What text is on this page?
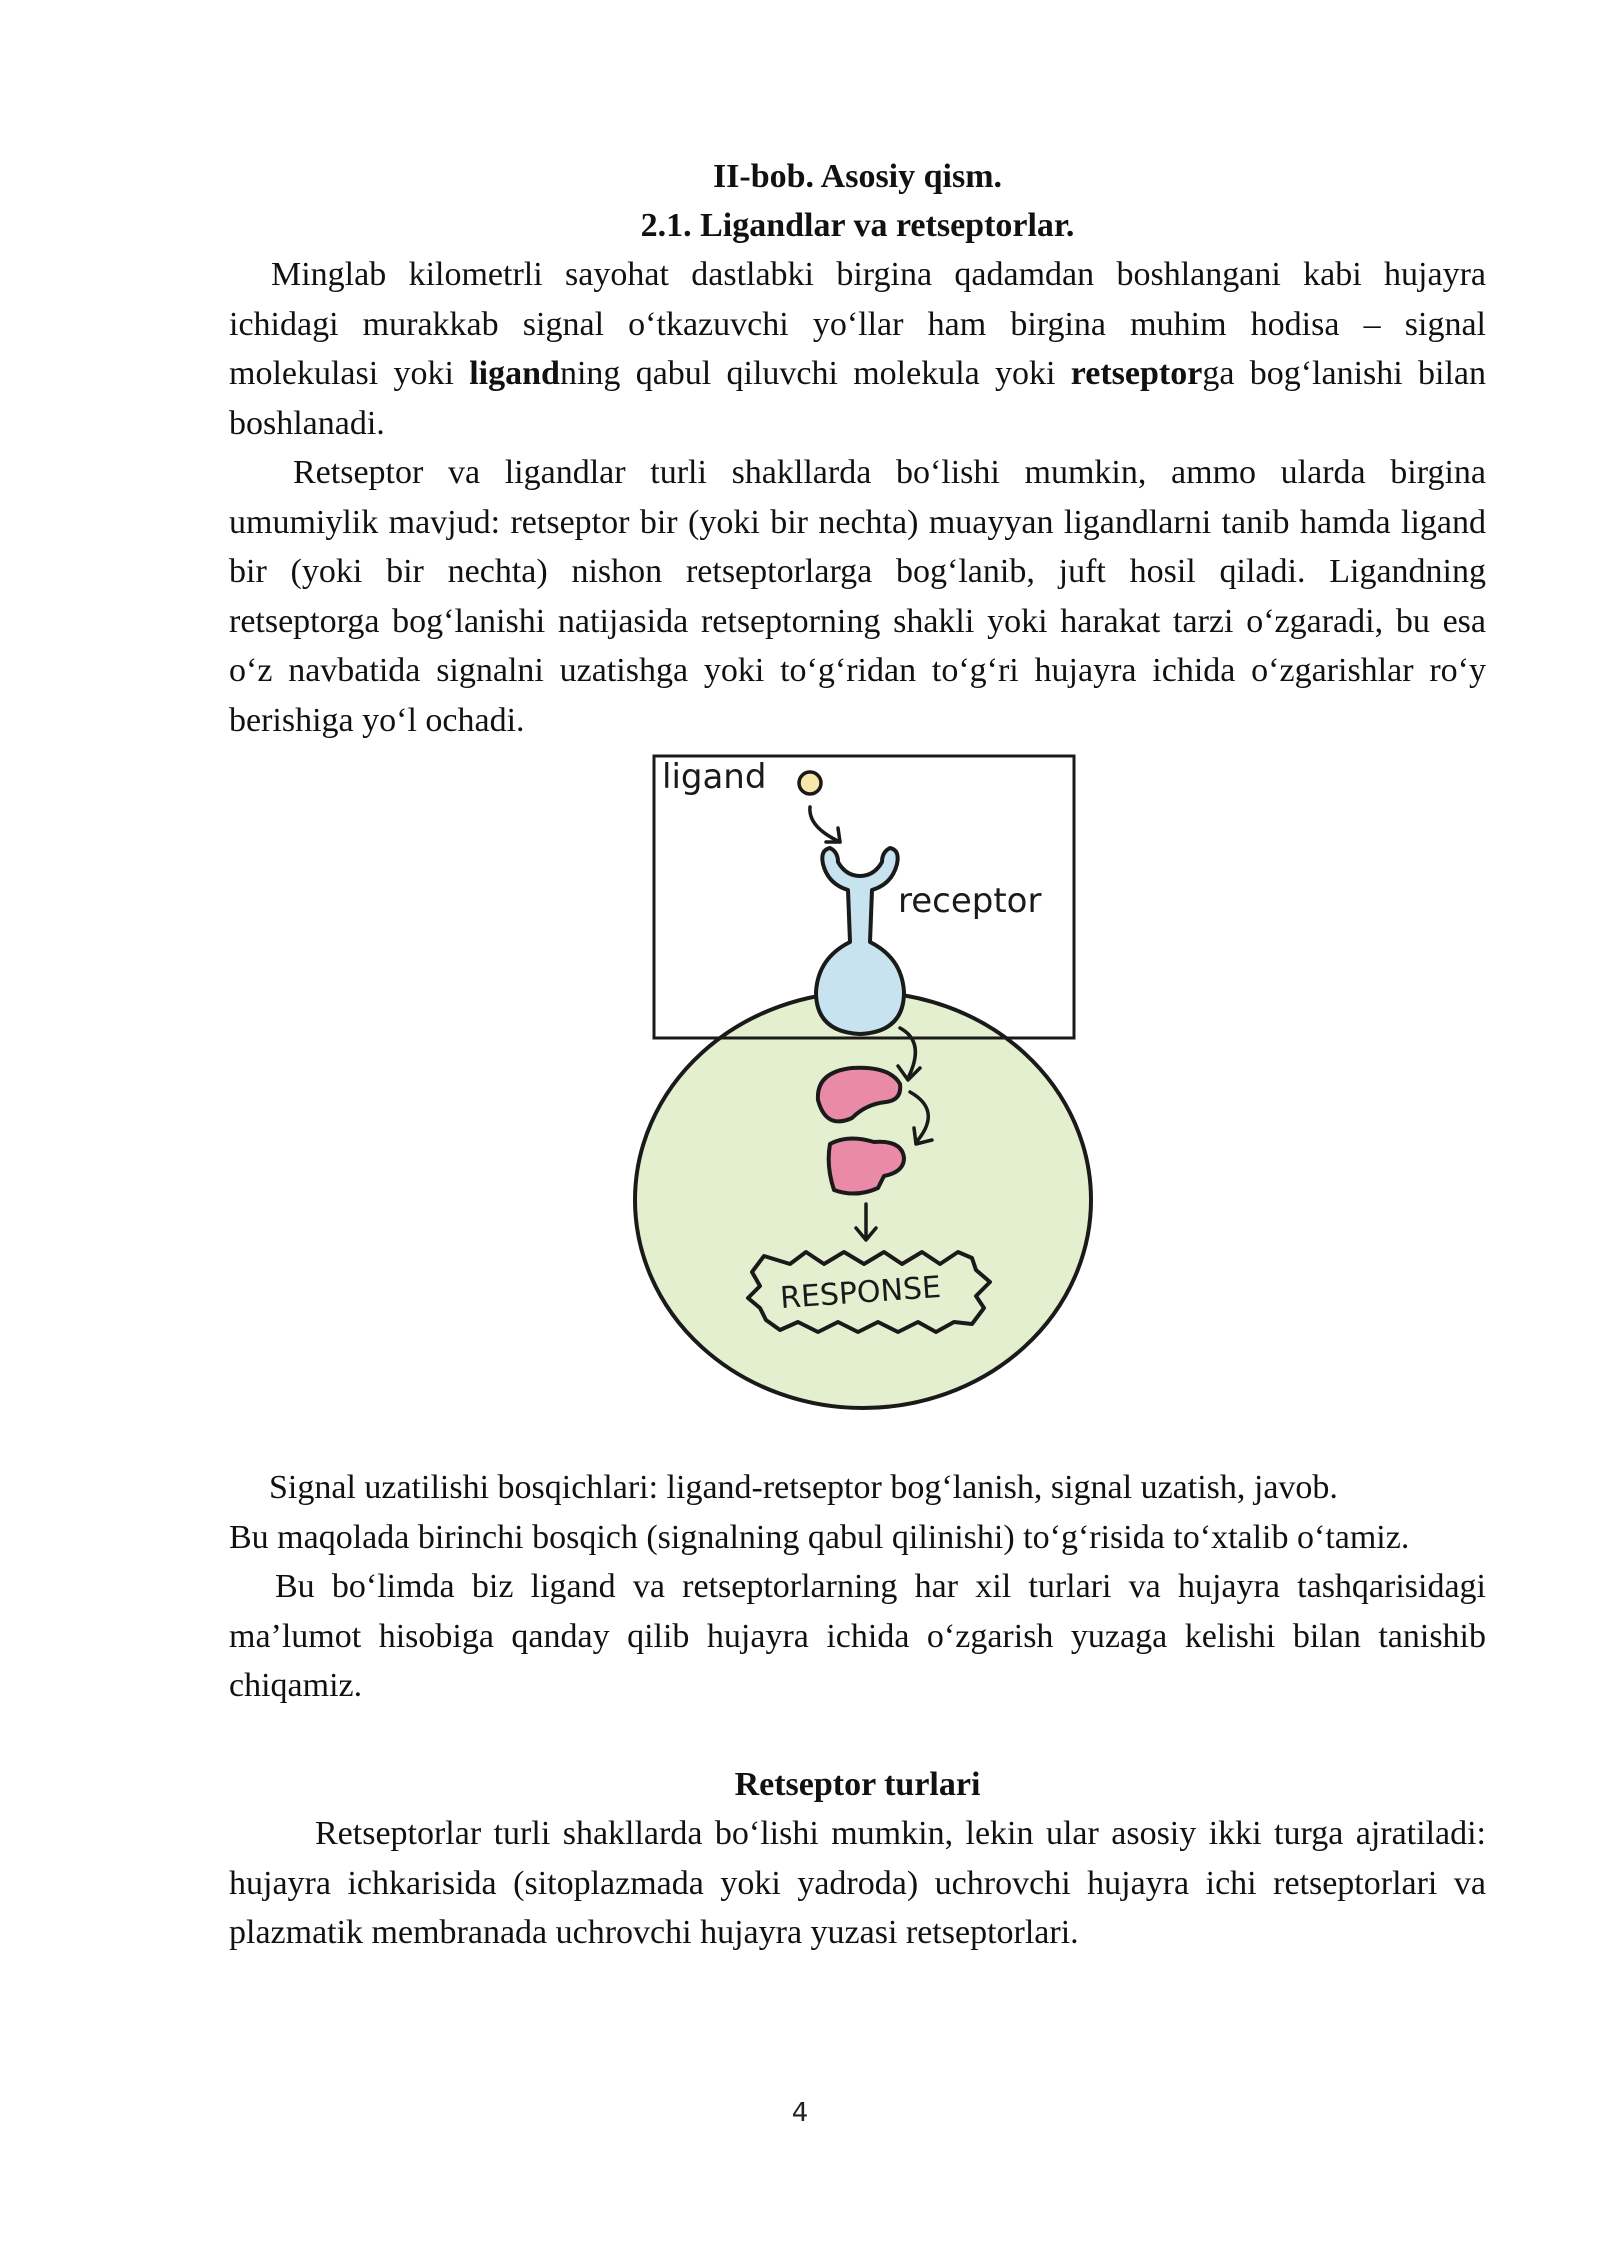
II-bob. Asosiy qism.
2.1. Ligandlar va retseptorlar.

Minglab kilometrli sayohat dastlabki birgina qadamdan boshlangani kabi hujayra ichidagi murakkab signal o‘tkazuvchi yo‘llar ham birgina muhim hodisa – signal molekulasi yoki ligandning qabul qiluvchi molekula yoki retseptorga bog‘lanishi bilan boshlanadi.

Retseptor va ligandlar turli shakllarda bo‘lishi mumkin, ammo ularda birgina umumiylik mavjud: retseptor bir (yoki bir nechta) muayyan ligandlarni tanib hamda ligand bir (yoki bir nechta) nishon retseptorlarga bog‘lanib, juft hosil qiladi. Ligandning retseptorga bog‘lanishi natijasida retseptorning shakli yoki harakat tarzi o‘zgaradi, bu esa o‘z navbatida signalni uzatishga yoki to‘g‘ridan to‘g‘ri hujayra ichida o‘zgarishlar ro‘y berishiga yo‘l ochadi.

ligand
receptor
RESPONSE

Signal uzatilishi bosqichlari: ligand-retseptor bog‘lanish, signal uzatish, javob.

Bu maqolada birinchi bosqich (signalning qabul qilinishi) to‘g‘risida to‘xtalib o‘tamiz.

Bu bo‘limda biz ligand va retseptorlarning har xil turlari va hujayra tashqarisidagi ma’lumot hisobiga qanday qilib hujayra ichida o‘zgarish yuzaga kelishi bilan tanishib chiqamiz.

Retseptor turlari

Retseptorlar turli shakllarda bo‘lishi mumkin, lekin ular asosiy ikki turga ajratiladi: hujayra ichkarisida (sitoplazmada yoki yadroda) uchrovchi hujayra ichi retseptorlari va plazmatik membranada uchrovchi hujayra yuzasi retseptorlari.

4
